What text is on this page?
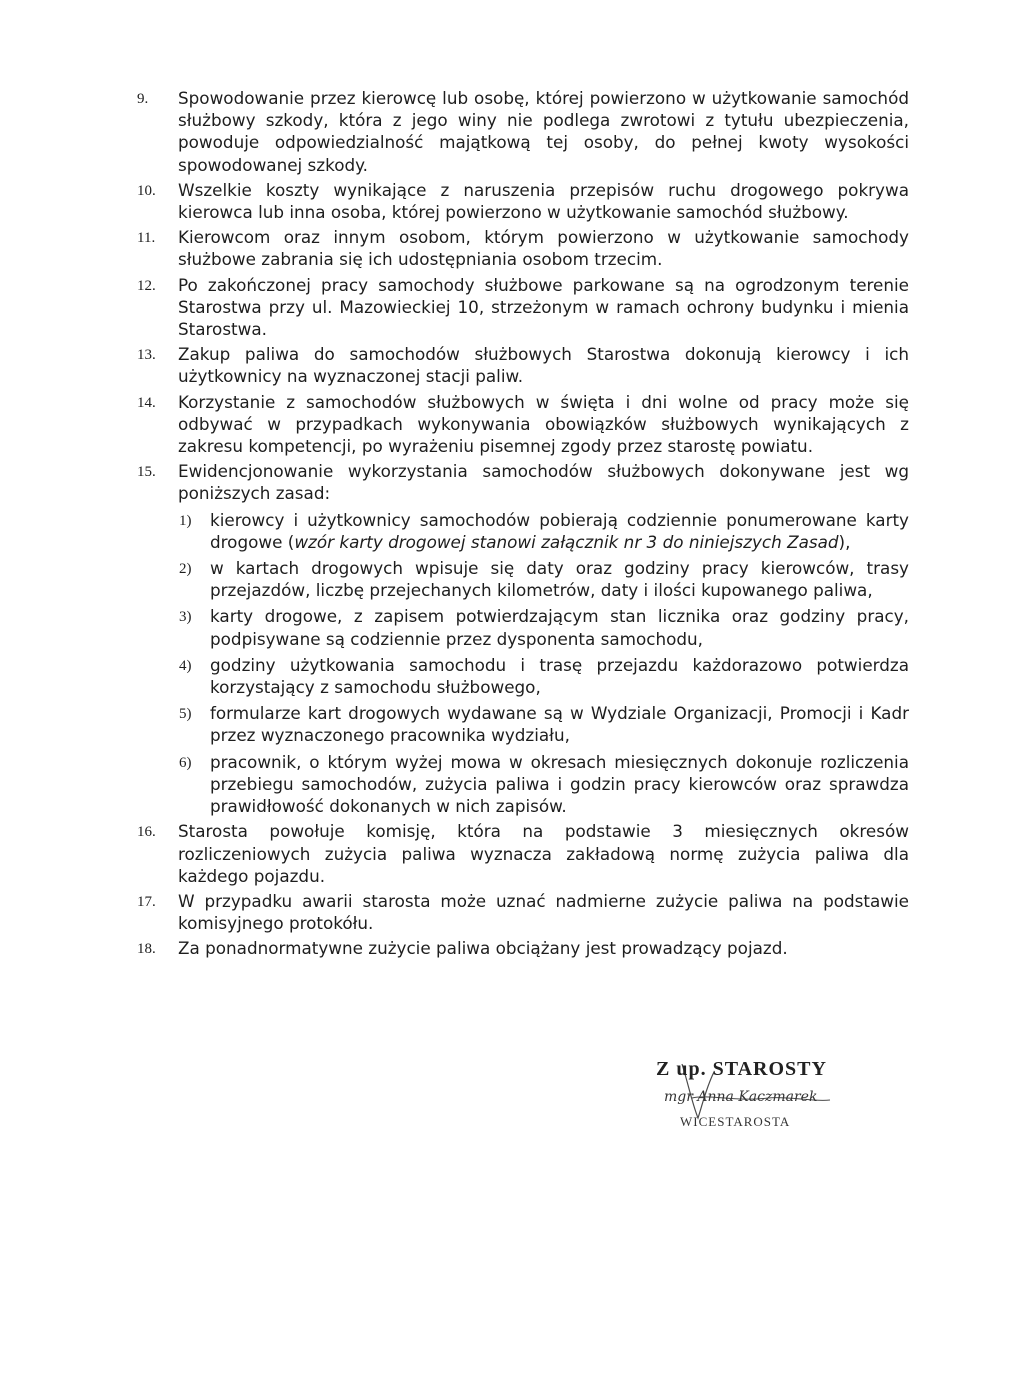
9. Spowodowanie przez kierowcę lub osobę, której powierzono w użytkowanie samochód służbowy szkody, która z jego winy nie podlega zwrotowi z tytułu ubezpieczenia, powoduje odpowiedzialność majątkową tej osoby, do pełnej kwoty wysokości spowodowanej szkody.
10. Wszelkie koszty wynikające z naruszenia przepisów ruchu drogowego pokrywa kierowca lub inna osoba, której powierzono w użytkowanie samochód służbowy.
11. Kierowcom oraz innym osobom, którym powierzono w użytkowanie samochody służbowe zabrania się ich udostępniania osobom trzecim.
12. Po zakończonej pracy samochody służbowe parkowane są na ogrodzonym terenie Starostwa przy ul. Mazowieckiej 10, strzeżonym w ramach ochrony budynku i mienia Starostwa.
13. Zakup paliwa do samochodów służbowych Starostwa dokonują kierowcy i ich użytkownicy na wyznaczonej stacji paliw.
14. Korzystanie z samochodów służbowych w święta i dni wolne od pracy może się odbywać w przypadkach wykonywania obowiązków służbowych wynikających z zakresu kompetencji, po wyrażeniu pisemnej zgody przez starostę powiatu.
15. Ewidencjonowanie wykorzystania samochodów służbowych dokonywane jest wg poniższych zasad:
1) kierowcy i użytkownicy samochodów pobierają codziennie ponumerowane karty drogowe (wzór karty drogowej stanowi załącznik nr 3 do niniejszych Zasad),
2) w kartach drogowych wpisuje się daty oraz godziny pracy kierowców, trasy przejazdów, liczbę przejechanych kilometrów, daty i ilości kupowanego paliwa,
3) karty drogowe, z zapisem potwierdzającym stan licznika oraz godziny pracy, podpisywane są codziennie przez dysponenta samochodu,
4) godziny użytkowania samochodu i trasę przejazdu każdorazowo potwierdza korzystający z samochodu służbowego,
5) formularze kart drogowych wydawane są w Wydziale Organizacji, Promocji i Kadr przez wyznaczonego pracownika wydziału,
6) pracownik, o którym wyżej mowa w okresach miesięcznych dokonuje rozliczenia przebiegu samochodów, zużycia paliwa i godzin pracy kierowców oraz sprawdza prawidłowość dokonanych w nich zapisów.
16. Starosta powołuje komisję, która na podstawie 3 miesięcznych okresów rozliczeniowych zużycia paliwa wyznacza zakładową normę zużycia paliwa dla każdego pojazdu.
17. W przypadku awarii starosta może uznać nadmierne zużycie paliwa na podstawie komisyjnego protokółu.
18. Za ponadnormatywne zużycie paliwa obciążany jest prowadzący pojazd.
Z up. STAROSTY
mgr Anna Kaczmarek
WICESTAROSTA
